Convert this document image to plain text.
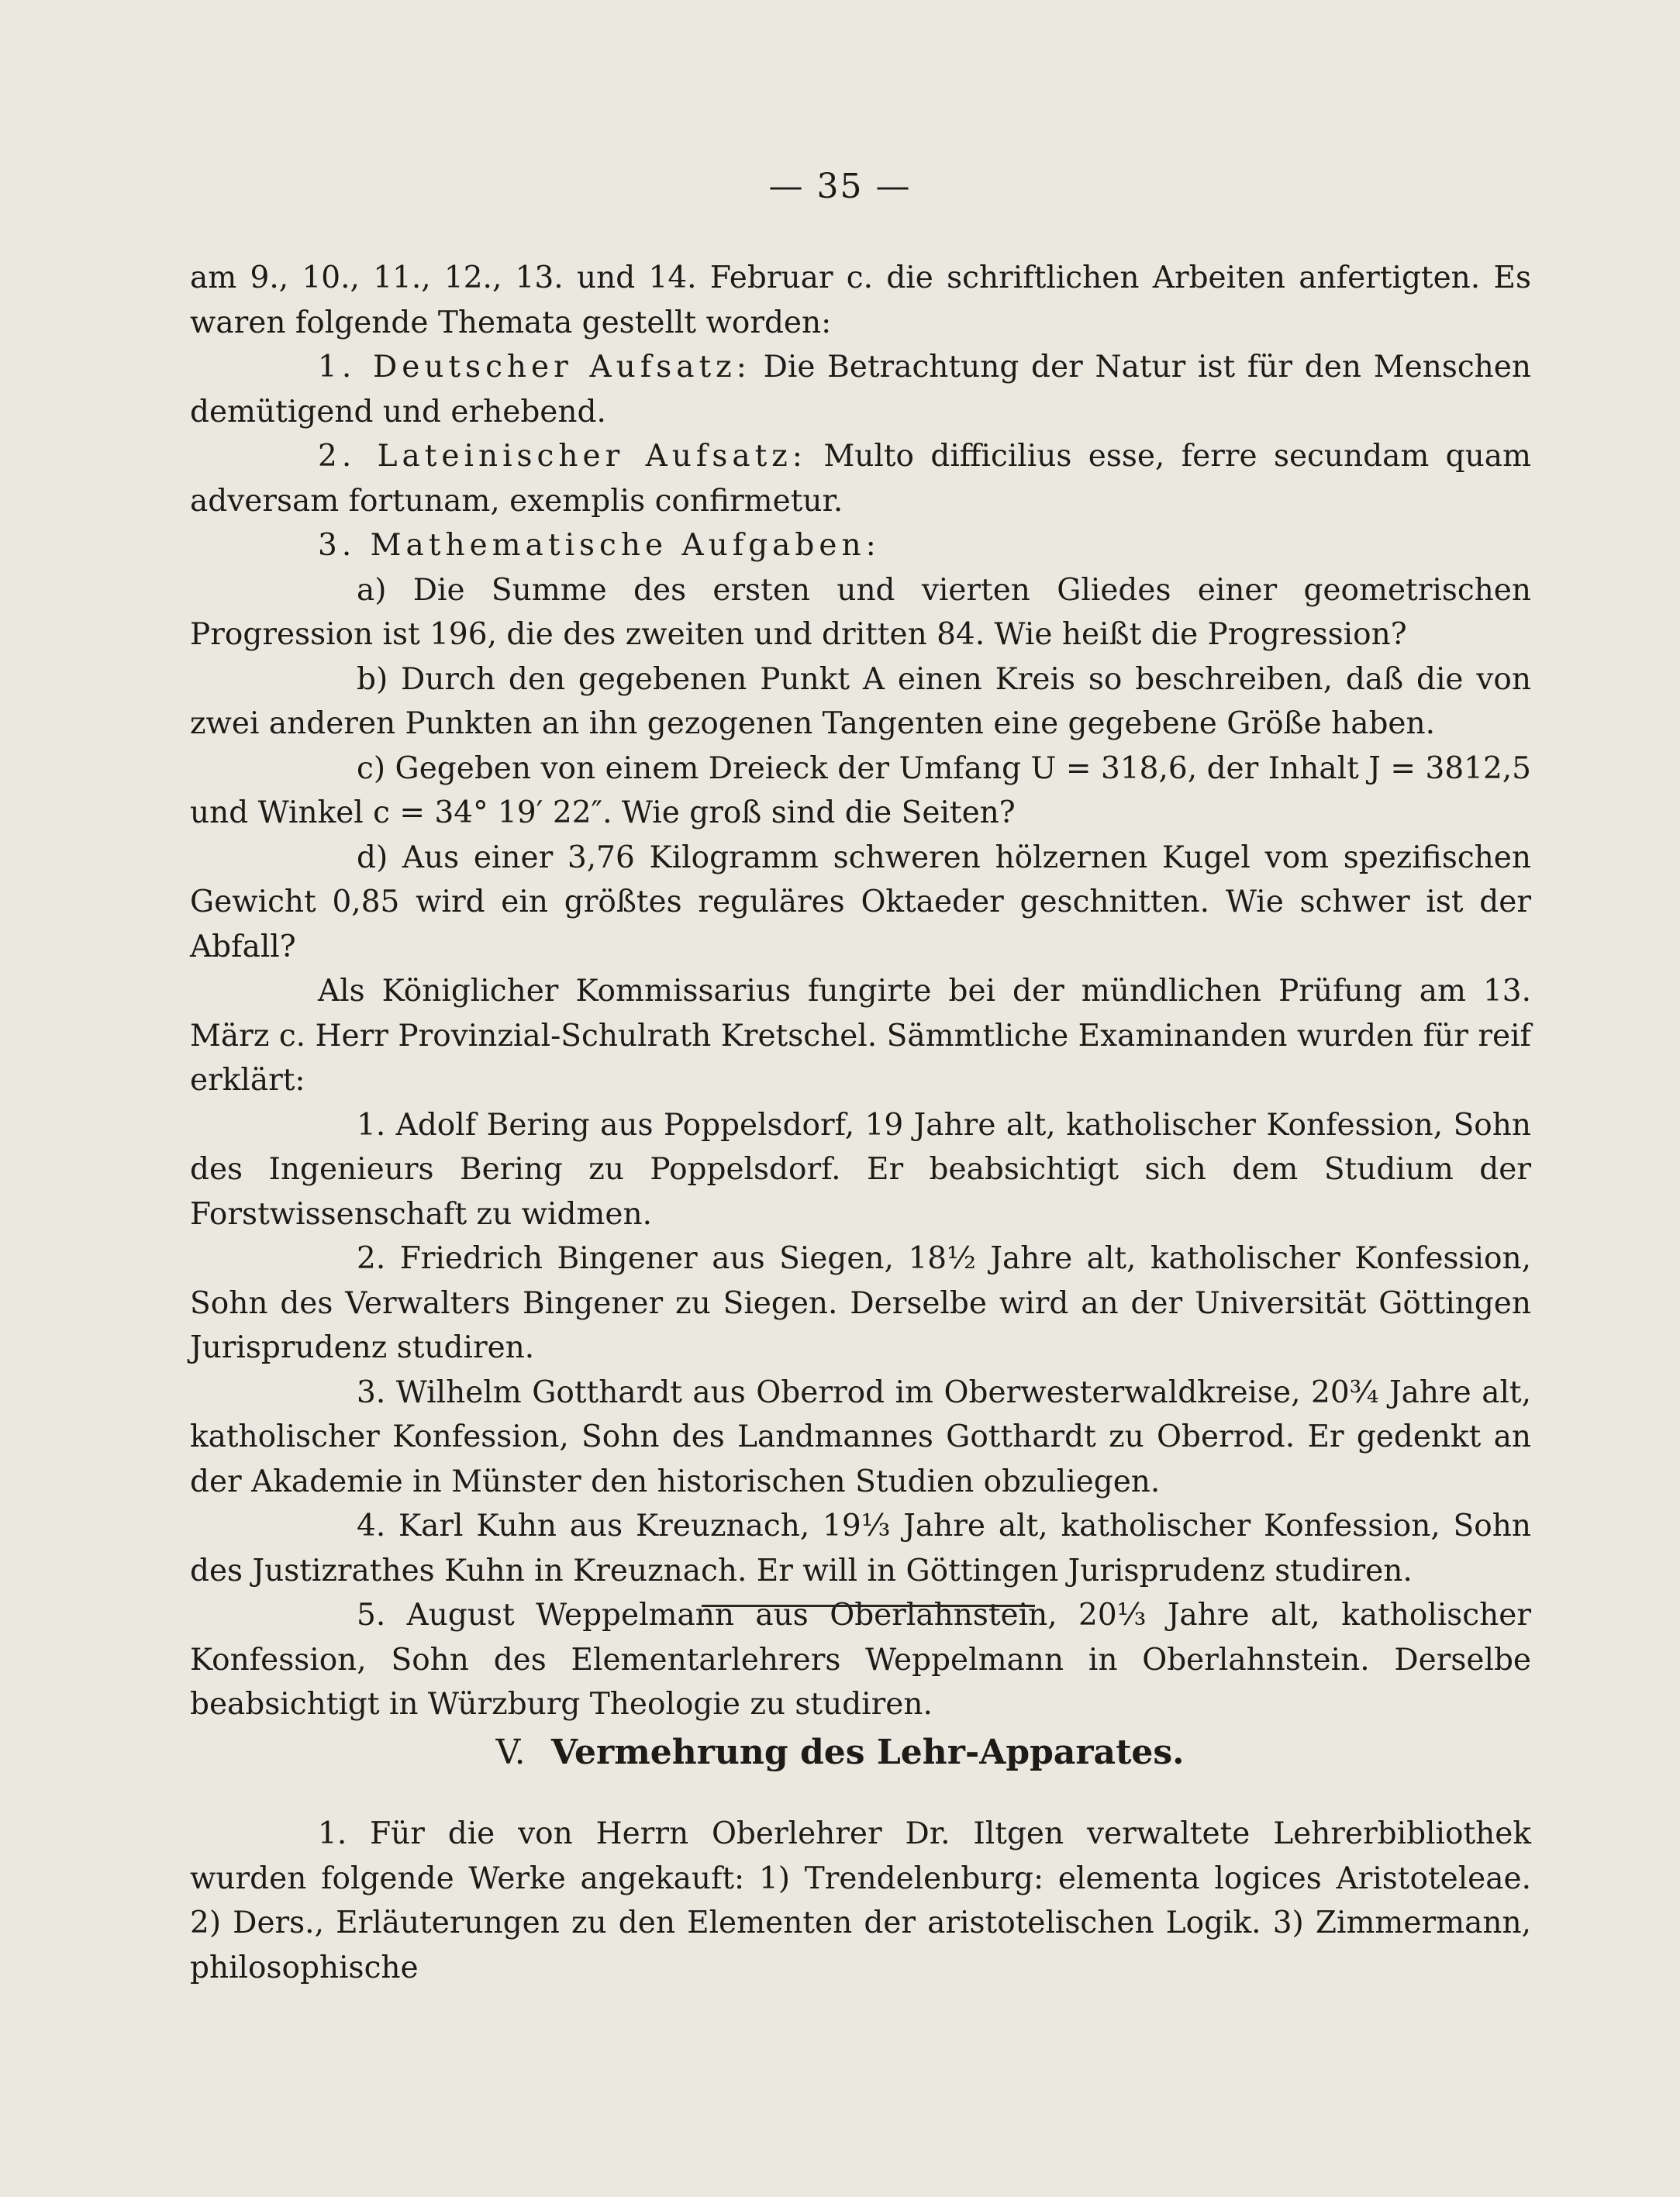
— 35 —

am 9., 10., 11., 12., 13. und 14. Februar c. die schriftlichen Arbeiten anfertigten. Es waren folgende Themata gestellt worden:

1. Deutscher Aufsatz: Die Betrachtung der Natur ist für den Menschen demütigend und erhebend.

2. Lateinischer Aufsatz: Multo difficilius esse, ferre secundam quam adversam fortunam, exemplis confirmetur.

3. Mathematische Aufgaben:

a) Die Summe des ersten und vierten Gliedes einer geometrischen Progression ist 196, die des zweiten und dritten 84. Wie heißt die Progression?

b) Durch den gegebenen Punkt A einen Kreis so beschreiben, daß die von zwei anderen Punkten an ihn gezogenen Tangenten eine gegebene Größe haben.

c) Gegeben von einem Dreieck der Umfang U = 318,6, der Inhalt J = 3812,5 und Winkel c = 34° 19′ 22″. Wie groß sind die Seiten?

d) Aus einer 3,76 Kilogramm schweren hölzernen Kugel vom spezifischen Gewicht 0,85 wird ein größtes reguläres Oktaeder geschnitten. Wie schwer ist der Abfall?

Als Königlicher Kommissarius fungirte bei der mündlichen Prüfung am 13. März c. Herr Provinzial-Schulrath Kretschel. Sämmtliche Examinanden wurden für reif erklärt:

1. Adolf Bering aus Poppelsdorf, 19 Jahre alt, katholischer Konfession, Sohn des Ingenieurs Bering zu Poppelsdorf. Er beabsichtigt sich dem Studium der Forstwissenschaft zu widmen.

2. Friedrich Bingener aus Siegen, 18½ Jahre alt, katholischer Konfession, Sohn des Verwalters Bingener zu Siegen. Derselbe wird an der Universität Göttingen Jurisprudenz studiren.

3. Wilhelm Gotthardt aus Oberrod im Oberwesterwaldkreise, 20¾ Jahre alt, katholischer Konfession, Sohn des Landmannes Gotthardt zu Oberrod. Er gedenkt an der Akademie in Münster den historischen Studien obzuliegen.

4. Karl Kuhn aus Kreuznach, 19⅓ Jahre alt, katholischer Konfession, Sohn des Justizrathes Kuhn in Kreuznach. Er will in Göttingen Jurisprudenz studiren.

5. August Weppelmann aus Oberlahnstein, 20⅓ Jahre alt, katholischer Konfession, Sohn des Elementarlehrers Weppelmann in Oberlahnstein. Derselbe beabsichtigt in Würzburg Theologie zu studiren.

V. Vermehrung des Lehr-Apparates.

1. Für die von Herrn Oberlehrer Dr. Iltgen verwaltete Lehrerbibliothek wurden folgende Werke angekauft: 1) Trendelenburg: elementa logices Aristoteleae. 2) Ders., Erläuterungen zu den Elementen der aristotelischen Logik. 3) Zimmermann, philosophische
